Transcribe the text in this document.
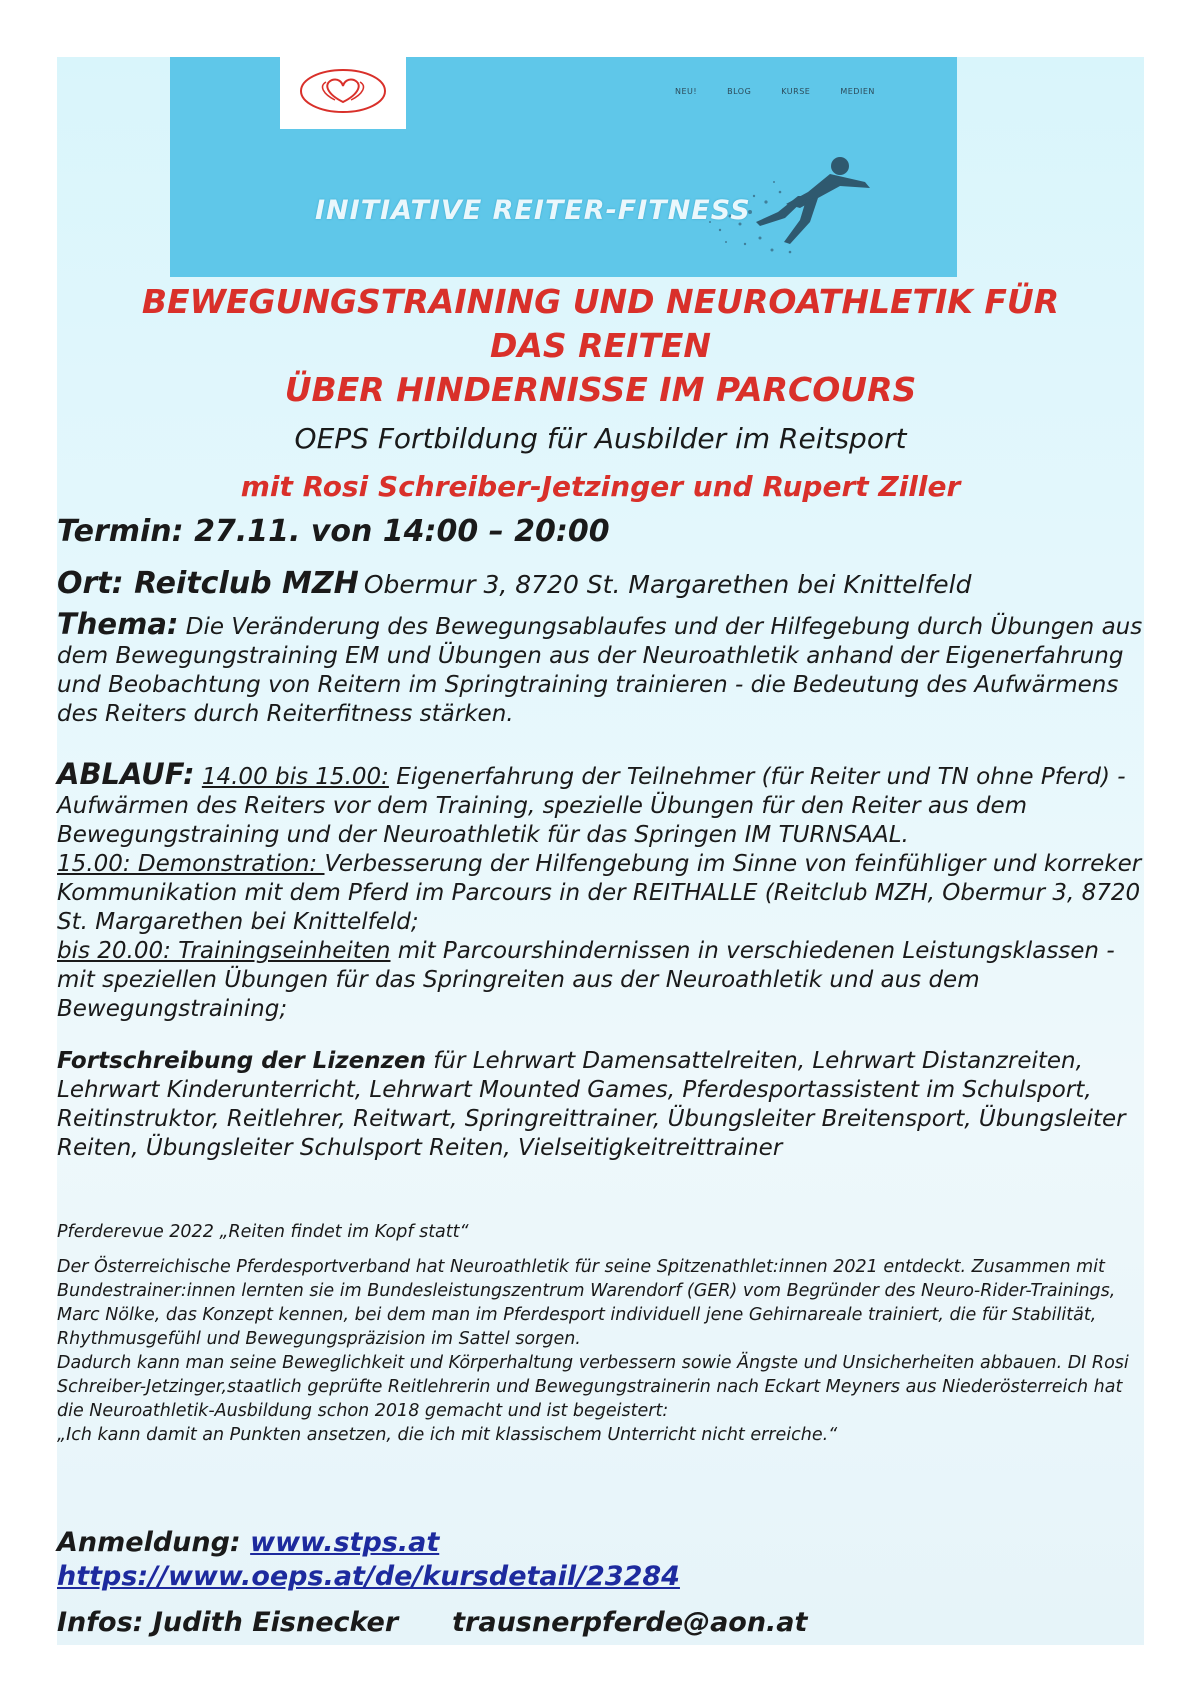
NEU!	BLOG	KURSE	MEDIEN
INITIATIVE REITER-FITNESS
BEWEGUNGSTRAINING UND NEUROATHLETIK FÜR
DAS REITEN
ÜBER HINDERNISSE IM PARCOURS
OEPS Fortbildung für Ausbilder im Reitsport
mit Rosi Schreiber-Jetzinger und Rupert Ziller
Termin: 27.11. von 14:00 – 20:00
Ort: Reitclub MZH Obermur 3, 8720 St. Margarethen bei Knittelfeld

Thema: Die Veränderung des Bewegungsablaufes und der Hilfegebung durch Übungen aus dem Bewegungstraining EM und Übungen aus der Neuroathletik anhand der Eigenerfahrung und Beobachtung von Reitern im Springtraining trainieren - die Bedeutung des Aufwärmens des Reiters durch Reiterfitness stärken.

ABLAUF: 14.00 bis 15.00: Eigenerfahrung der Teilnehmer (für Reiter und TN ohne Pferd) - Aufwärmen des Reiters vor dem Training, spezielle Übungen für den Reiter aus dem Bewegungstraining und der Neuroathletik für das Springen IM TURNSAAL.

15.00: Demonstration: Verbesserung der Hilfengebung im Sinne von feinfühliger und korreker Kommunikation mit dem Pferd im Parcours in der REITHALLE (Reitclub MZH, Obermur 3, 8720 St. Margarethen bei Knittelfeld;

bis 20.00: Trainingseinheiten mit Parcourshindernissen in verschiedenen Leistungsklassen - mit speziellen Übungen für das Springreiten aus der Neuroathletik und aus dem Bewegungstraining;

Fortschreibung der Lizenzen für Lehrwart Damensattelreiten, Lehrwart Distanzreiten, Lehrwart Kinderunterricht, Lehrwart Mounted Games, Pferdesportassistent im Schulsport, Reitinstruktor, Reitlehrer, Reitwart, Springreittrainer, Übungsleiter Breitensport, Übungsleiter Reiten, Übungsleiter Schulsport Reiten, Vielseitigkeitreittrainer

Pferderevue 2022 „Reiten findet im Kopf statt“

Der Österreichische Pferdesportverband hat Neuroathletik für seine Spitzenathlet:innen 2021 entdeckt. Zusammen mit Bundestrainer:innen lernten sie im Bundesleistungszentrum Warendorf (GER) vom Begründer des Neuro-Rider-Trainings, Marc Nölke, das Konzept kennen, bei dem man im Pferdesport individuell jene Gehirnareale trainiert, die für Stabilität, Rhythmusgefühl und Bewegungspräzision im Sattel sorgen.

Dadurch kann man seine Beweglichkeit und Körperhaltung verbessern sowie Ängste und Unsicherheiten abbauen. DI Rosi Schreiber-Jetzinger,staatlich geprüfte Reitlehrerin und Bewegungstrainerin nach Eckart Meyners aus Niederösterreich hat die Neuroathletik-Ausbildung schon 2018 gemacht und ist begeistert:

„Ich kann damit an Punkten ansetzen, die ich mit klassischem Unterricht nicht erreiche.“

Anmeldung: www.stps.at
https://www.oeps.at/de/kursdetail/23284
Infos: Judith Eisnecker trausnerpferde@aon.at
